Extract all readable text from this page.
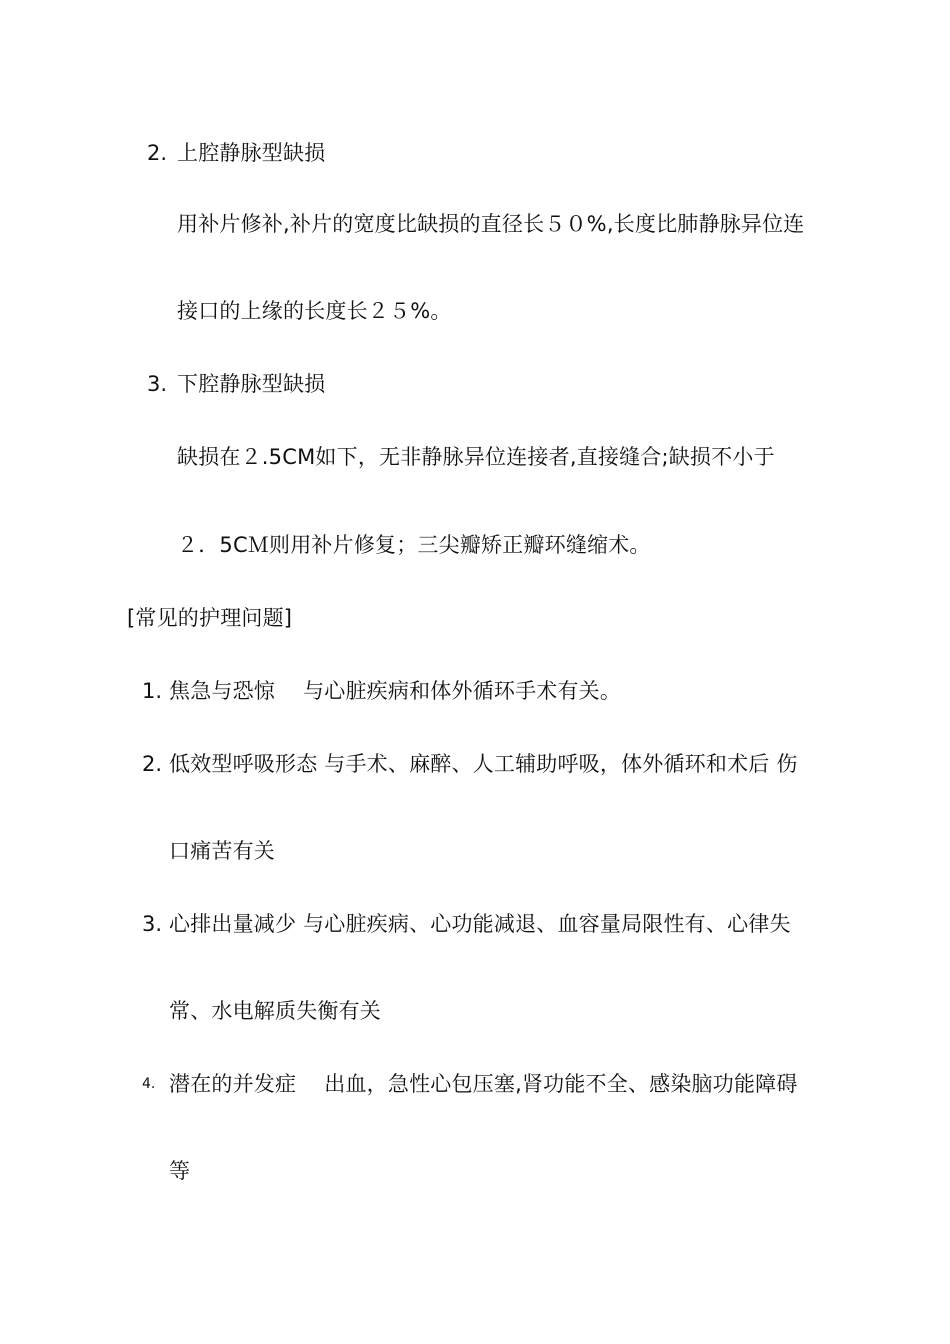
2. 上腔静脉型缺损
用补片修补,补片的宽度比缺损的直径长５０%,长度比肺静脉异位连
接口的上缘的长度长２５%。
3. 下腔静脉型缺损
缺损在２.5CM如下，无非静脉异位连接者,直接缝合;缺损不小于
２．5CＭ则用补片修复；三尖瓣矫正瓣环缝缩术。
[常见的护理问题]
1. 焦急与恐惊　 与心脏疾病和体外循环手术有关。
2. 低效型呼吸形态 与手术、麻醉、人工辅助呼吸，体外循环和术后 伤
口痛苦有关
3. 心排出量减少 与心脏疾病、心功能减退、血容量局限性有、心律失
常、水电解质失衡有关
4. 潜在的并发症　 出血，急性心包压塞,肾功能不全、感染脑功能障碍
等
